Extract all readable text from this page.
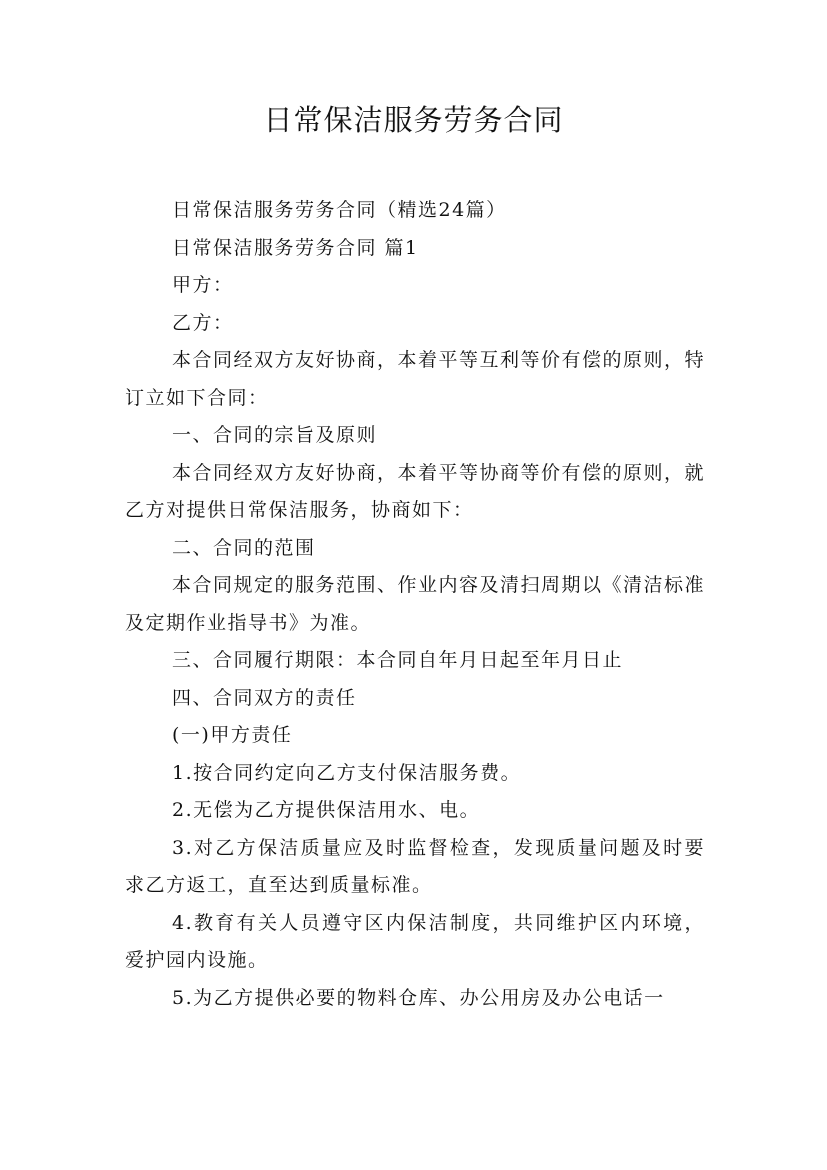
日常保洁服务劳务合同

日常保洁服务劳务合同（精选24篇）

日常保洁服务劳务合同 篇1

甲方：

乙方：

本合同经双方友好协商，本着平等互利等价有偿的原则，特订立如下合同：

一、合同的宗旨及原则

本合同经双方友好协商，本着平等协商等价有偿的原则，就乙方对提供日常保洁服务，协商如下：

二、合同的范围

本合同规定的服务范围、作业内容及清扫周期以《清洁标准及定期作业指导书》为准。

三、合同履行期限：本合同自年月日起至年月日止

四、合同双方的责任

(一)甲方责任

1.按合同约定向乙方支付保洁服务费。

2.无偿为乙方提供保洁用水、电。

3.对乙方保洁质量应及时监督检查，发现质量问题及时要求乙方返工，直至达到质量标准。

4.教育有关人员遵守区内保洁制度，共同维护区内环境，爱护园内设施。

5.为乙方提供必要的物料仓库、办公用房及办公电话一
